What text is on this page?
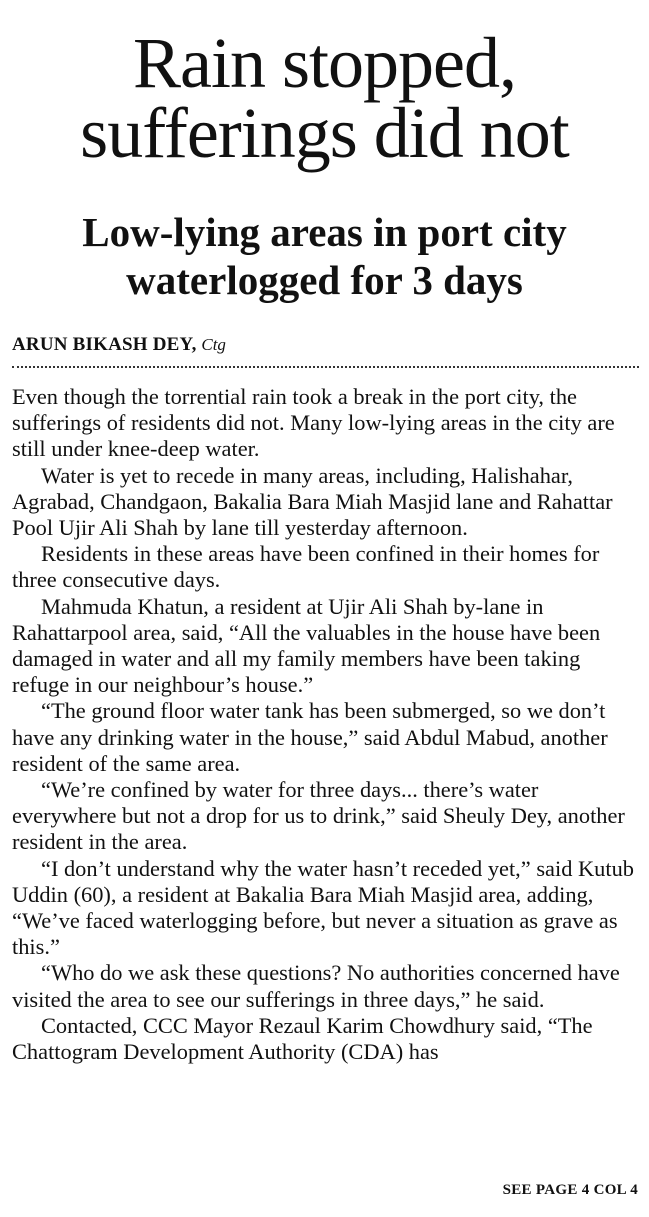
Rain stopped,
sufferings did not
Low-lying areas in port city
waterlogged for 3 days
ARUN BIKASH DEY, Ctg

Even though the torrential rain took a break in the port city, the sufferings of residents did not. Many low-lying areas in the city are still under knee-deep water.

Water is yet to recede in many areas, including, Halishahar, Agrabad, Chandgaon, Bakalia Bara Miah Masjid lane and Rahattar Pool Ujir Ali Shah by lane till yesterday afternoon.

Residents in these areas have been confined in their homes for three consecutive days.

Mahmuda Khatun, a resident at Ujir Ali Shah by-lane in Rahattarpool area, said, “All the valuables in the house have been damaged in water and all my family members have been taking refuge in our neighbour’s house.”

“The ground floor water tank has been submerged, so we don’t have any drinking water in the house,” said Abdul Mabud, another resident of the same area.

“We’re confined by water for three days... there’s water everywhere but not a drop for us to drink,” said Sheuly Dey, another resident in the area.

“I don’t understand why the water hasn’t receded yet,” said Kutub Uddin (60), a resident at Bakalia Bara Miah Masjid area, adding, “We’ve faced waterlogging before, but never a situation as grave as this.”

“Who do we ask these questions? No authorities concerned have visited the area to see our sufferings in three days,” he said.

Contacted, CCC Mayor Rezaul Karim Chowdhury said, “The Chattogram Development Authority (CDA) has

SEE PAGE 4 COL 4
